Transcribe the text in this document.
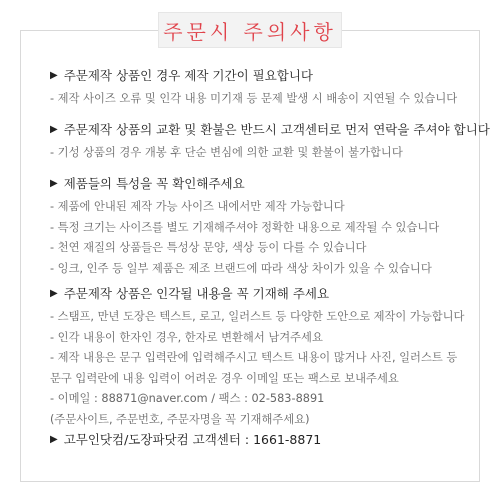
주문시 주의사항
▶ 주문제작 상품인 경우 제작 기간이 필요합니다
- 제작 사이즈 오류 및 인각 내용 미기재 등 문제 발생 시 배송이 지연될 수 있습니다
▶ 주문제작 상품의 교환 및 환불은 반드시 고객센터로 먼저 연락을 주셔야 합니다
- 기성 상품의 경우 개봉 후 단순 변심에 의한 교환 및 환불이 불가합니다
▶ 제품들의 특성을 꼭 확인해주세요
- 제품에 안내된 제작 가능 사이즈 내에서만 제작 가능합니다
- 특정 크기는 사이즈를 별도 기재해주셔야 정확한 내용으로 제작될 수 있습니다
- 천연 재질의 상품들은 특성상 문양, 색상 등이 다를 수 있습니다
- 잉크, 인주 등 일부 제품은 제조 브랜드에 따라 색상 차이가 있을 수 있습니다
▶ 주문제작 상품은 인각될 내용을 꼭 기재해 주세요
- 스탬프, 만년 도장은 텍스트, 로고, 일러스트 등 다양한 도안으로 제작이 가능합니다
- 인각 내용이 한자인 경우, 한자로 변환해서 남겨주세요
- 제작 내용은 문구 입력란에 입력해주시고 텍스트 내용이 많거나 사진, 일러스트 등
문구 입력란에 내용 입력이 어려운 경우 이메일 또는 팩스로 보내주세요
- 이메일 : 88871@naver.com / 팩스 : 02-583-8891
(주문사이트, 주문번호, 주문자명을 꼭 기재해주세요)
▶ 고무인닷컴/도장파닷컴 고객센터 : 1661-8871
